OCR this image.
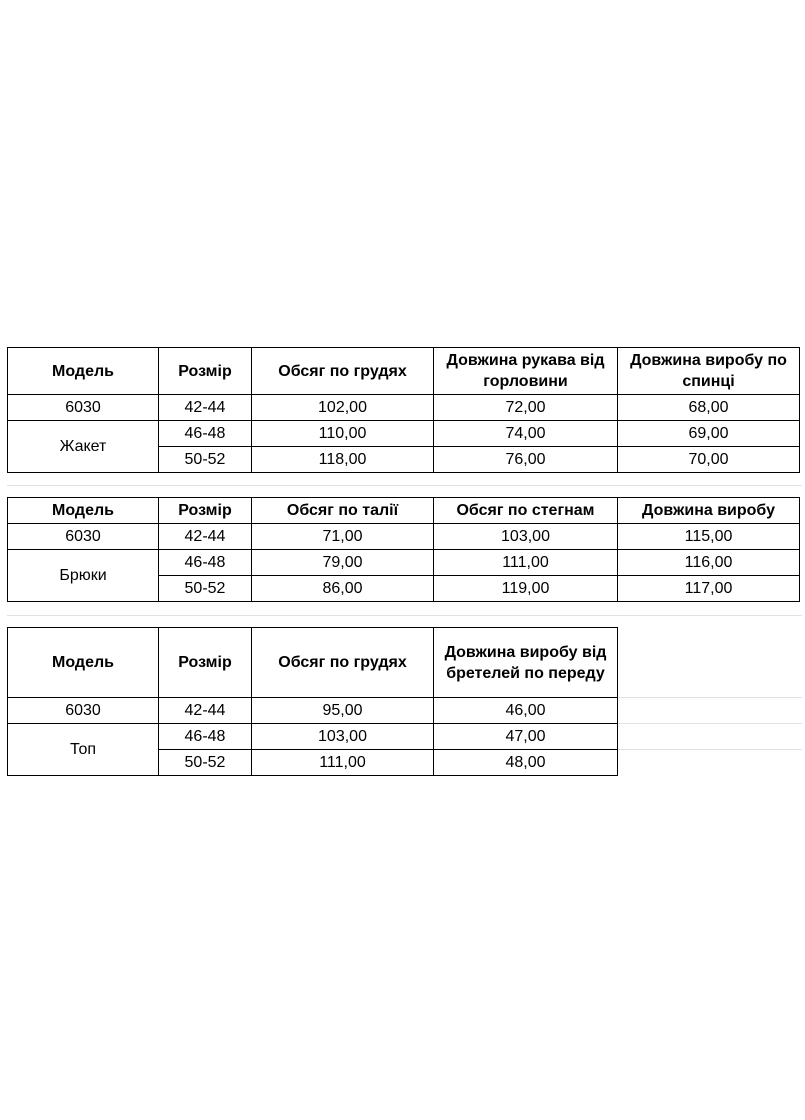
Модель	Розмір	Обсяг по грудях	Довжина рукава від горловини	Довжина виробу по спинці
6030	42-44	102,00	72,00	68,00
Жакет	46-48	110,00	74,00	69,00
	50-52	118,00	76,00	70,00
Модель	Розмір	Обсяг по талії	Обсяг по стегнам	Довжина виробу
6030	42-44	71,00	103,00	115,00
Брюки	46-48	79,00	111,00	116,00
	50-52	86,00	119,00	117,00
Модель	Розмір	Обсяг по грудях	Довжина виробу від бретелей по переду
6030	42-44	95,00	46,00
Топ	46-48	103,00	47,00
	50-52	111,00	48,00
